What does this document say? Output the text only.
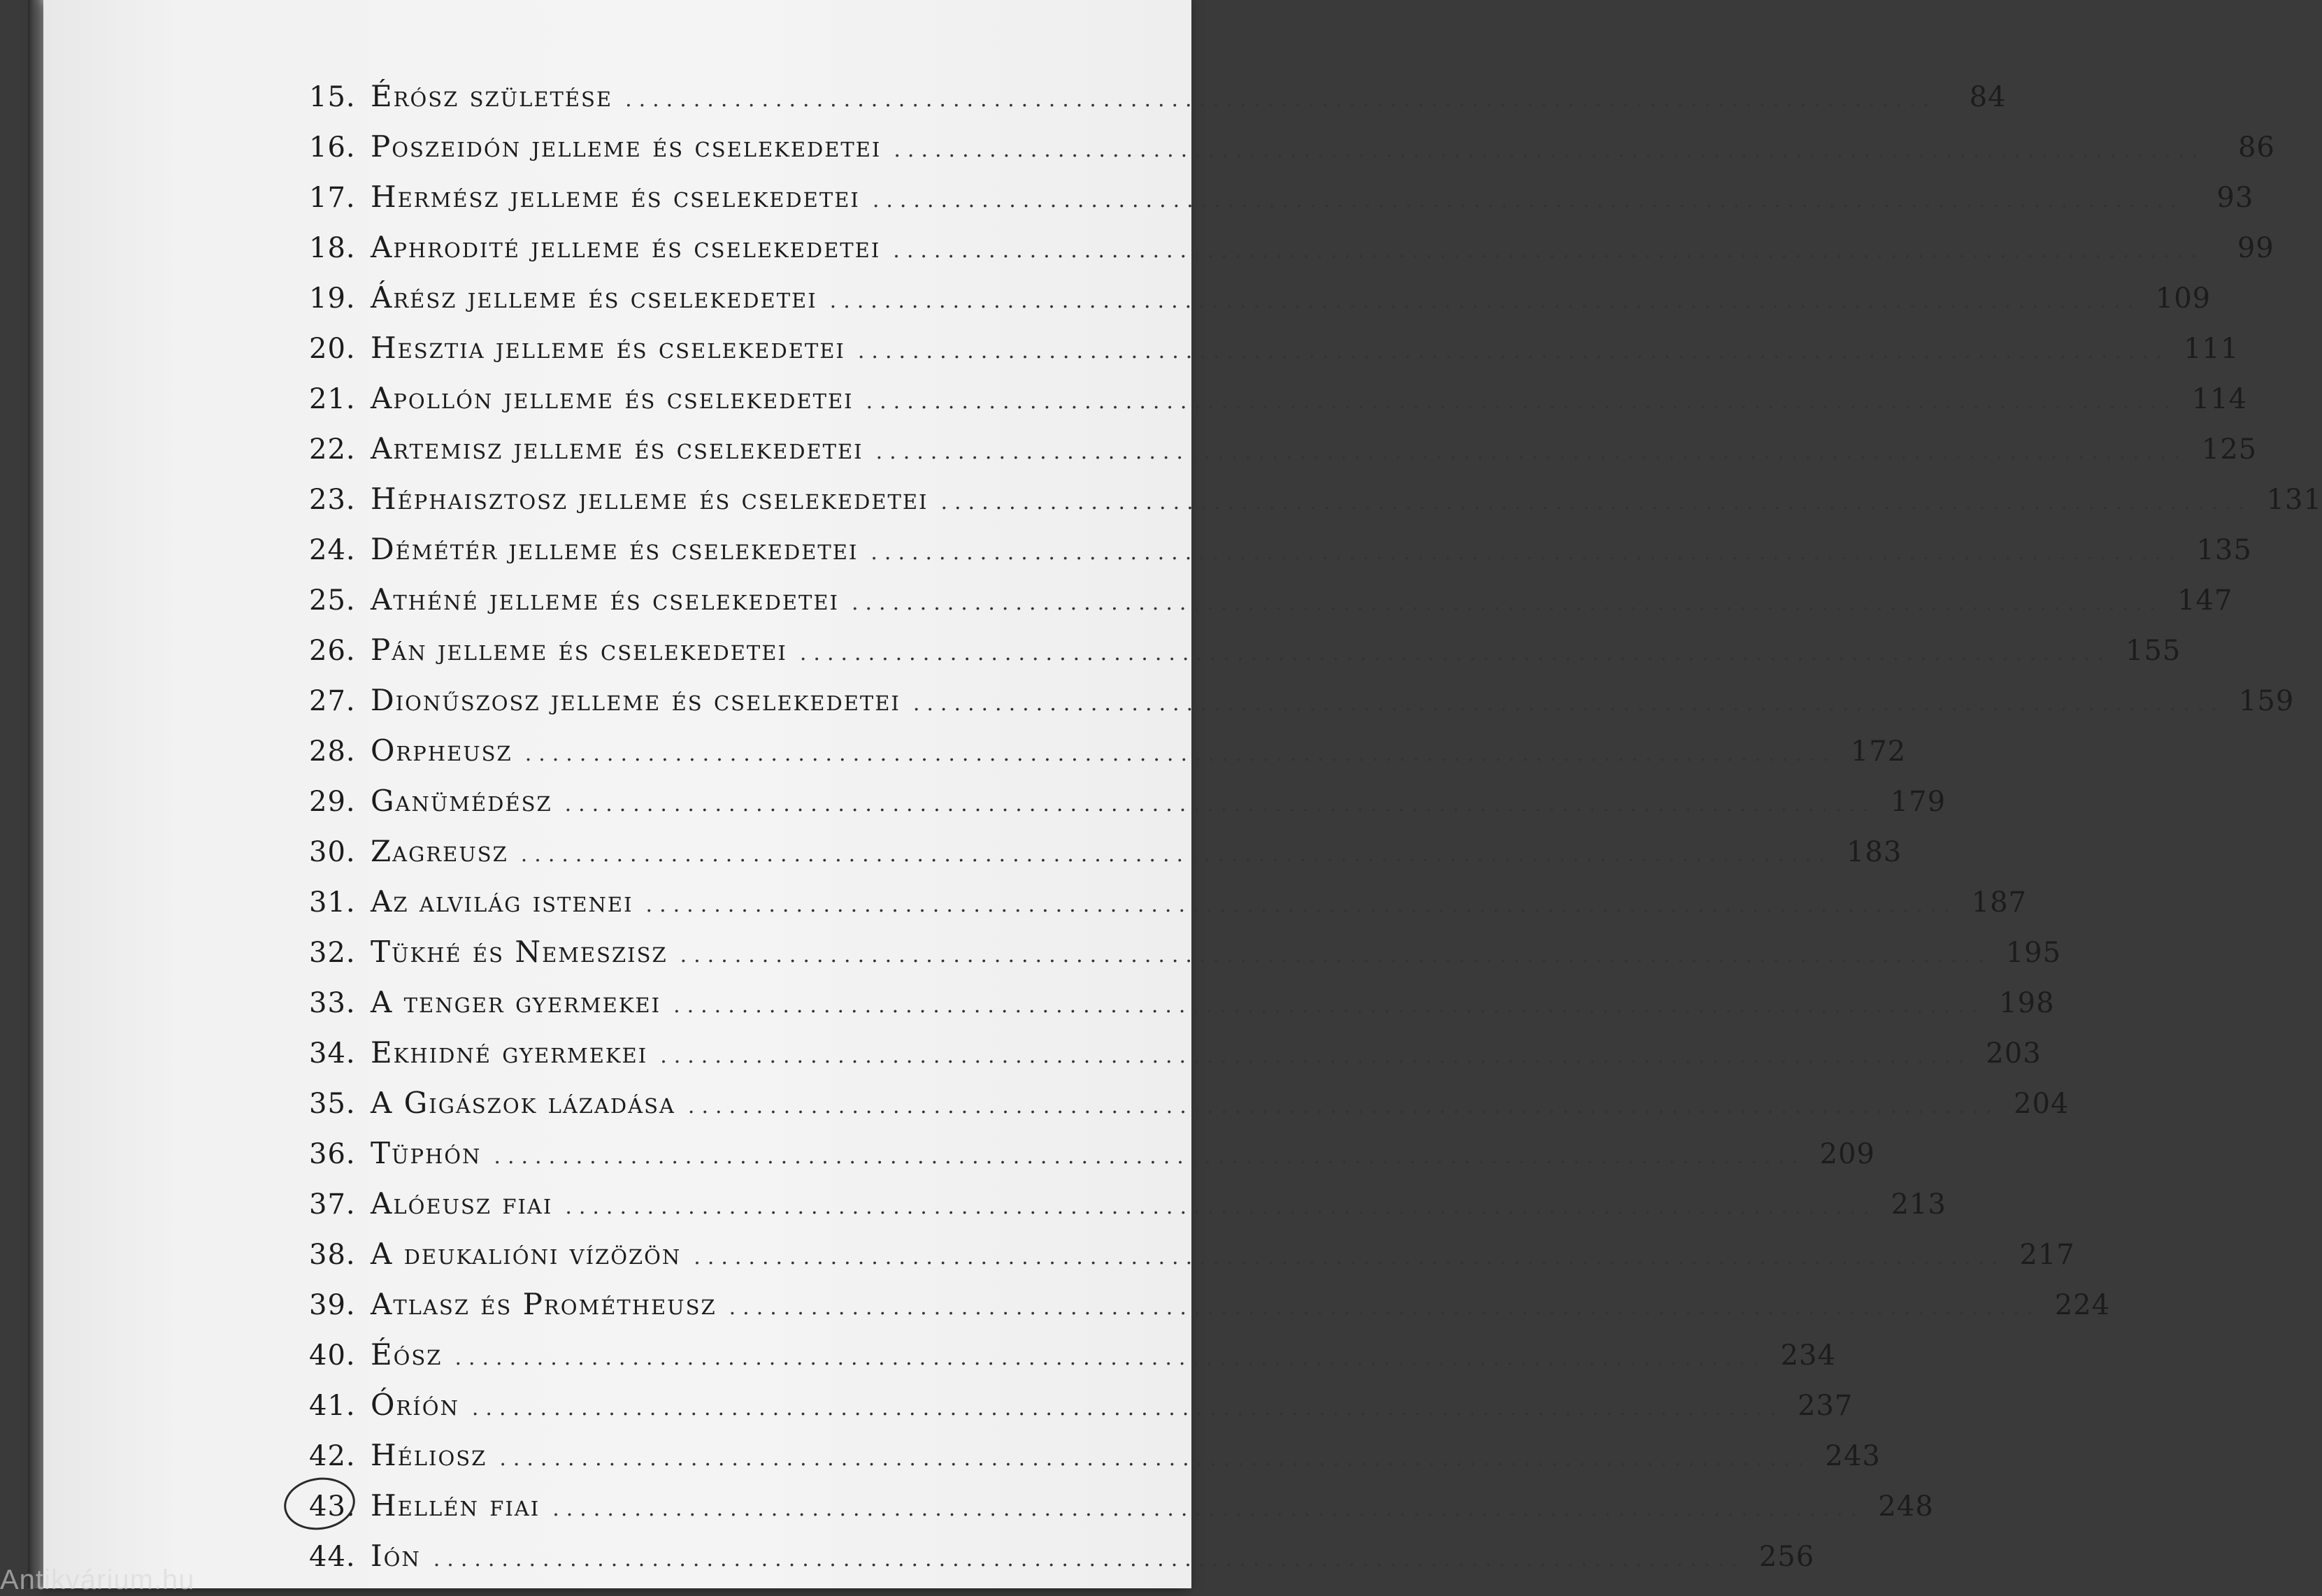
15. Érósz születése ................................................................................................	84
16. Poszeidón jelleme és cselekedetei ................................................................................................	86
17. Hermész jelleme és cselekedetei ................................................................................................	93
18. Aphrodité jelleme és cselekedetei ................................................................................................	99
19. Árész jelleme és cselekedetei ................................................................................................ 109
20. Hesztia jelleme és cselekedetei ................................................................................................ 111
21. Apollón jelleme és cselekedetei ................................................................................................ 114
22. Artemisz jelleme és cselekedetei ................................................................................................ 125
23. Héphaisztosz jelleme és cselekedetei ................................................................................................ 131
24. Démétér jelleme és cselekedetei ................................................................................................ 135
25. Athéné jelleme és cselekedetei ................................................................................................ 147
26. Pán jelleme és cselekedetei ................................................................................................ 155
27. Dionűszosz jelleme és cselekedetei ................................................................................................ 159
28. Orpheusz ................................................................................................ 172
29. Ganümédész ................................................................................................ 179
30. Zagreusz ................................................................................................ 183
31. Az alvilág istenei ................................................................................................ 187
32. Tükhé és Nemeszisz ................................................................................................ 195
33. A tenger gyermekei ................................................................................................ 198
34. Ekhidné gyermekei ................................................................................................ 203
35. A Gigászok lázadása ................................................................................................ 204
36. Tüphón ................................................................................................ 209
37. Alóeusz fiai ................................................................................................ 213
38. A deukalióni vízözön ................................................................................................ 217
39. Atlasz és Prométheusz ................................................................................................ 224
40. Éósz ................................................................................................ 234
41. Óríón ................................................................................................ 237
42. Héliosz ................................................................................................ 243
43. Hellén fiai ................................................................................................ 248
44. Ión ................................................................................................ 256
Antikvárium.hu
